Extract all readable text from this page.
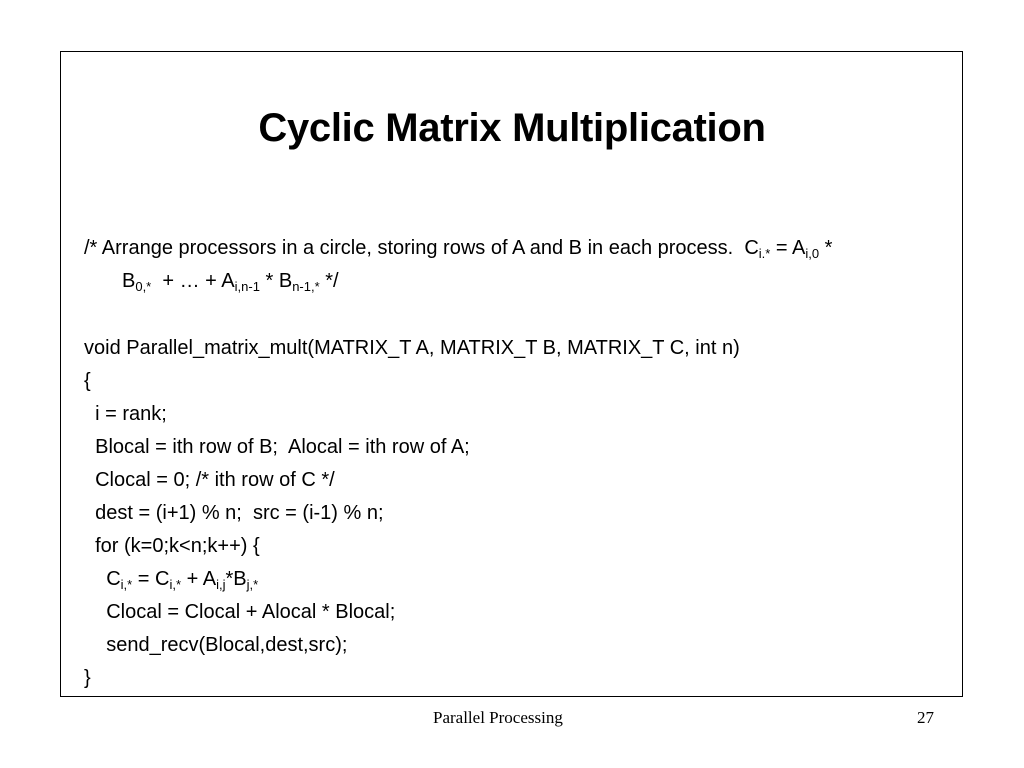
Cyclic Matrix Multiplication
/* Arrange processors in a circle, storing rows of A and B in each process.  $C_{i.*} = A_{i,0}$ *
$B_{0,*}$  + … + $A_{i,n-1} * B_{n-1,*}$ */
void Parallel_matrix_mult(MATRIX_T A, MATRIX_T B, MATRIX_T C, int n)
{
i = rank;
Blocal = ith row of B;  Alocal = ith row of A;
Clocal = 0; /* ith row of C */
dest = (i+1) % n;  src = (i-1) % n;
for (k=0;k<n;k++) {
$C_{i,*} = C_{i,*} + A_{i,j}*B_{j,*}$
Clocal = Clocal + Alocal * Blocal;
send_recv(Blocal,dest,src);
}
Parallel Processing	27
